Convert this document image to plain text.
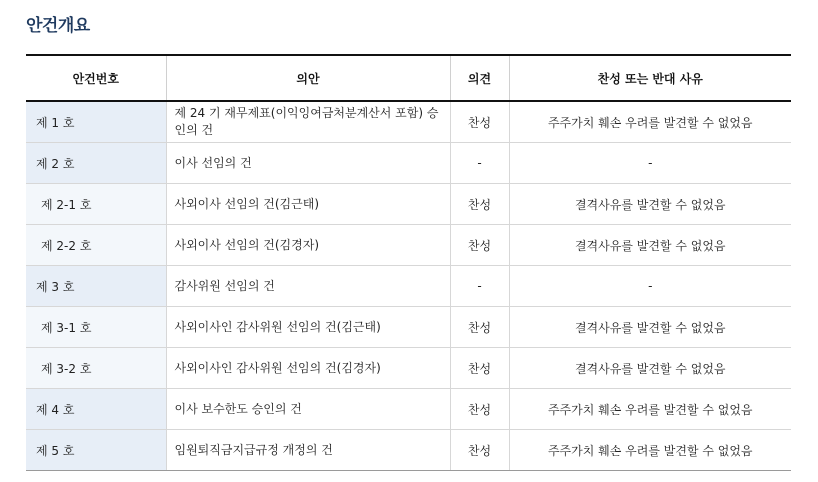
안건개요
안건번호	의안	의견	찬성 또는 반대 사유
제 1 호	제 24 기 재무제표(이익잉여금처분계산서 포함) 승인의 건	찬성	주주가치 훼손 우려를 발견할 수 없었음
제 2 호	이사 선임의 건	-	-
제 2-1 호	사외이사 선임의 건(김근태)	찬성	결격사유를 발견할 수 없었음
제 2-2 호	사외이사 선임의 건(김경자)	찬성	결격사유를 발견할 수 없었음
제 3 호	감사위원 선임의 건	-	-
제 3-1 호	사외이사인 감사위원 선임의 건(김근태)	찬성	결격사유를 발견할 수 없었음
제 3-2 호	사외이사인 감사위원 선임의 건(김경자)	찬성	결격사유를 발견할 수 없었음
제 4 호	이사 보수한도 승인의 건	찬성	주주가치 훼손 우려를 발견할 수 없었음
제 5 호	임원퇴직금지급규정 개정의 건	찬성	주주가치 훼손 우려를 발견할 수 없었음
